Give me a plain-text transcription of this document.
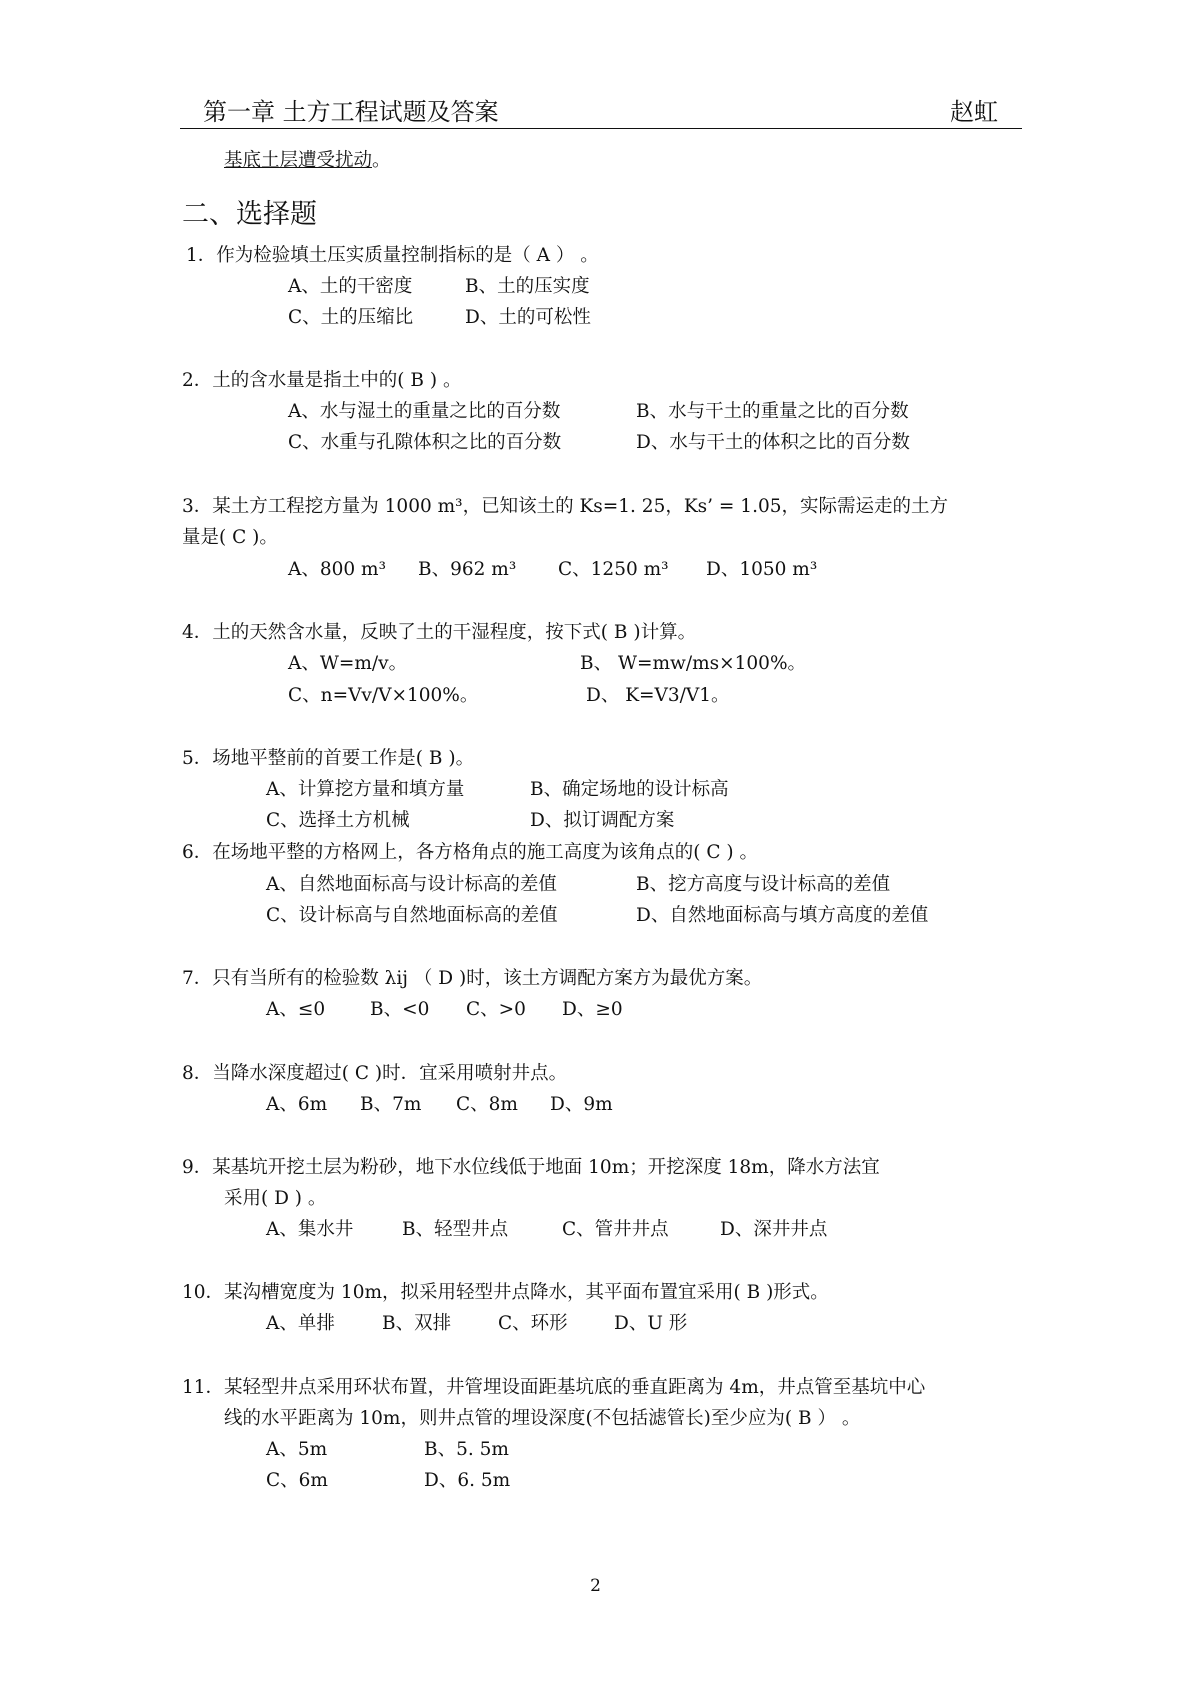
第一章 土方工程试题及答案	赵虹
基底土层遭受扰动。
二、选择题
1．作为检验填土压实质量控制指标的是（ A ） 。
A、土的干密度	B、土的压实度
C、土的压缩比	D、土的可松性
2．土的含水量是指土中的( B ) 。
A、水与湿土的重量之比的百分数	B、水与干土的重量之比的百分数
C、水重与孔隙体积之比的百分数	D、水与干土的体积之比的百分数
3．某土方工程挖方量为 1000 m³，已知该土的 Ks=1. 25，Ks’ = 1.05，实际需运走的土方
量是( C )。
A、800 m³ B、962 m³ C、1250 m³ D、1050 m³
4．土的天然含水量，反映了土的干湿程度，按下式( B )计算。
A、W=m/v。	B、 W=mw/ms×100%。
C、n=Vv/V×100%。	D、 K=V3/V1。
5．场地平整前的首要工作是( B )。
A、计算挖方量和填方量	B、确定场地的设计标高
C、选择土方机械	D、拟订调配方案
6．在场地平整的方格网上，各方格角点的施工高度为该角点的( C ) 。
A、自然地面标高与设计标高的差值	B、挖方高度与设计标高的差值
C、设计标高与自然地面标高的差值	D、自然地面标高与填方高度的差值
7．只有当所有的检验数 λij （ D )时，该土方调配方案方为最优方案。
A、≤0 B、<0 C、>0 D、≥0
8．当降水深度超过( C )时．宜采用喷射井点。
A、6m B、7m C、8m D、9m
9．某基坑开挖土层为粉砂，地下水位线低于地面 10m；开挖深度 18m，降水方法宜
采用( D ) 。
A、集水井	B、轻型井点	C、管井井点	D、深井井点
10．某沟槽宽度为 10m，拟采用轻型井点降水，其平面布置宜采用( B )形式。
A、单排	B、双排	C、环形	D、U 形
11．某轻型井点采用环状布置，井管埋设面距基坑底的垂直距离为 4m，井点管至基坑中心
线的水平距离为 10m，则井点管的埋设深度(不包括滤管长)至少应为( B ） 。
A、5m	B、5. 5m
C、6m	D、6. 5m
2
